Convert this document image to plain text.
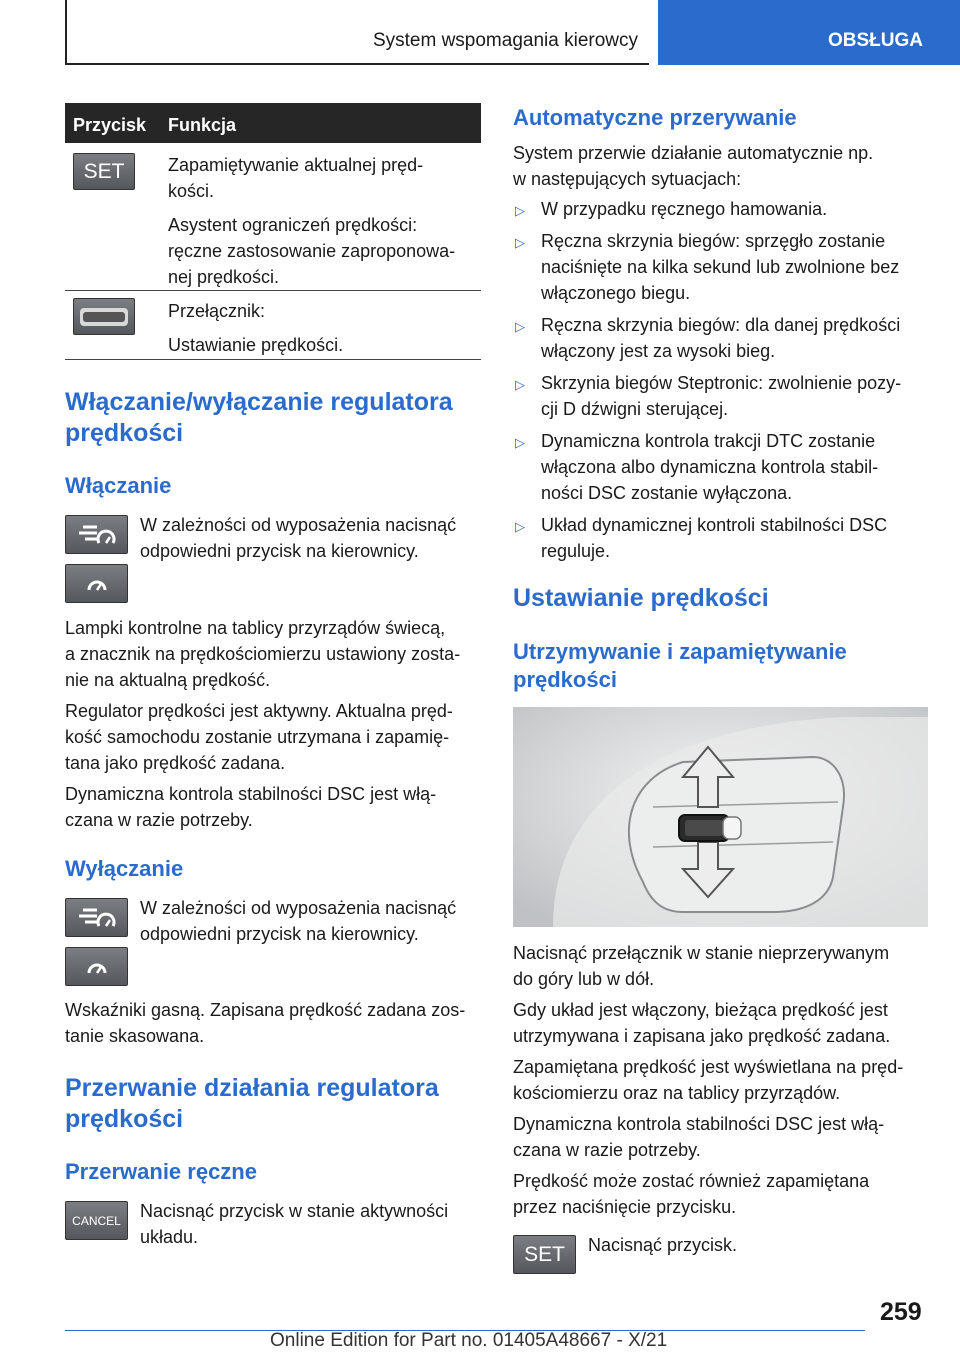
System wspomagania kierowcy	OBSŁUGA
Przycisk Funkcja
SET Zapamiętywanie aktualnej pręd-

kości.

Asystent ograniczeń prędkości:

ręczne zastosowanie zaproponowa-

nej prędkości.

Przełącznik:

Ustawianie prędkości.

Włączanie/wyłączanie regulatora
prędkości
Włączanie

W zależności od wyposażenia nacisnąć

odpowiedni przycisk na kierownicy.

Lampki kontrolne na tablicy przyrządów świecą,

a znacznik na prędkościomierzu ustawiony zosta-

nie na aktualną prędkość.

Regulator prędkości jest aktywny. Aktualna pręd-

kość samochodu zostanie utrzymana i zapamię-

tana jako prędkość zadana.

Dynamiczna kontrola stabilności DSC jest włą-

czana w razie potrzeby.

Wyłączanie

W zależności od wyposażenia nacisnąć

odpowiedni przycisk na kierownicy.

Wskaźniki gasną. Zapisana prędkość zadana zos-

tanie skasowana.

Przerwanie działania regulatora
prędkości
Przerwanie ręczne
CANCEL Nacisnąć przycisk w stanie aktywności

układu.

Automatyczne przerywanie

System przerwie działanie automatycznie np.

w następujących sytuacjach:

▷ W przypadku ręcznego hamowania.
▷ Ręczna skrzynia biegów: sprzęgło zostanie
naciśnięte na kilka sekund lub zwolnione bez
włączonego biegu.
▷ Ręczna skrzynia biegów: dla danej prędkości
włączony jest za wysoki bieg.
▷ Skrzynia biegów Steptronic: zwolnienie pozy-
cji D dźwigni sterującej.
▷ Dynamiczna kontrola trakcji DTC zostanie
włączona albo dynamiczna kontrola stabil-
ności DSC zostanie wyłączona.
▷ Układ dynamicznej kontroli stabilności DSC
reguluje.
Ustawianie prędkości
Utrzymywanie i zapamiętywanie
prędkości

Nacisnąć przełącznik w stanie nieprzerywanym

do góry lub w dół.

Gdy układ jest włączony, bieżąca prędkość jest

utrzymywana i zapisana jako prędkość zadana.

Zapamiętana prędkość jest wyświetlana na pręd-

kościomierzu oraz na tablicy przyrządów.

Dynamiczna kontrola stabilności DSC jest włą-

czana w razie potrzeby.

Prędkość może zostać również zapamiętana

przez naciśnięcie przycisku.

SET Nacisnąć przycisk.
259
Online Edition for Part no. 01405A48667 - X/21
